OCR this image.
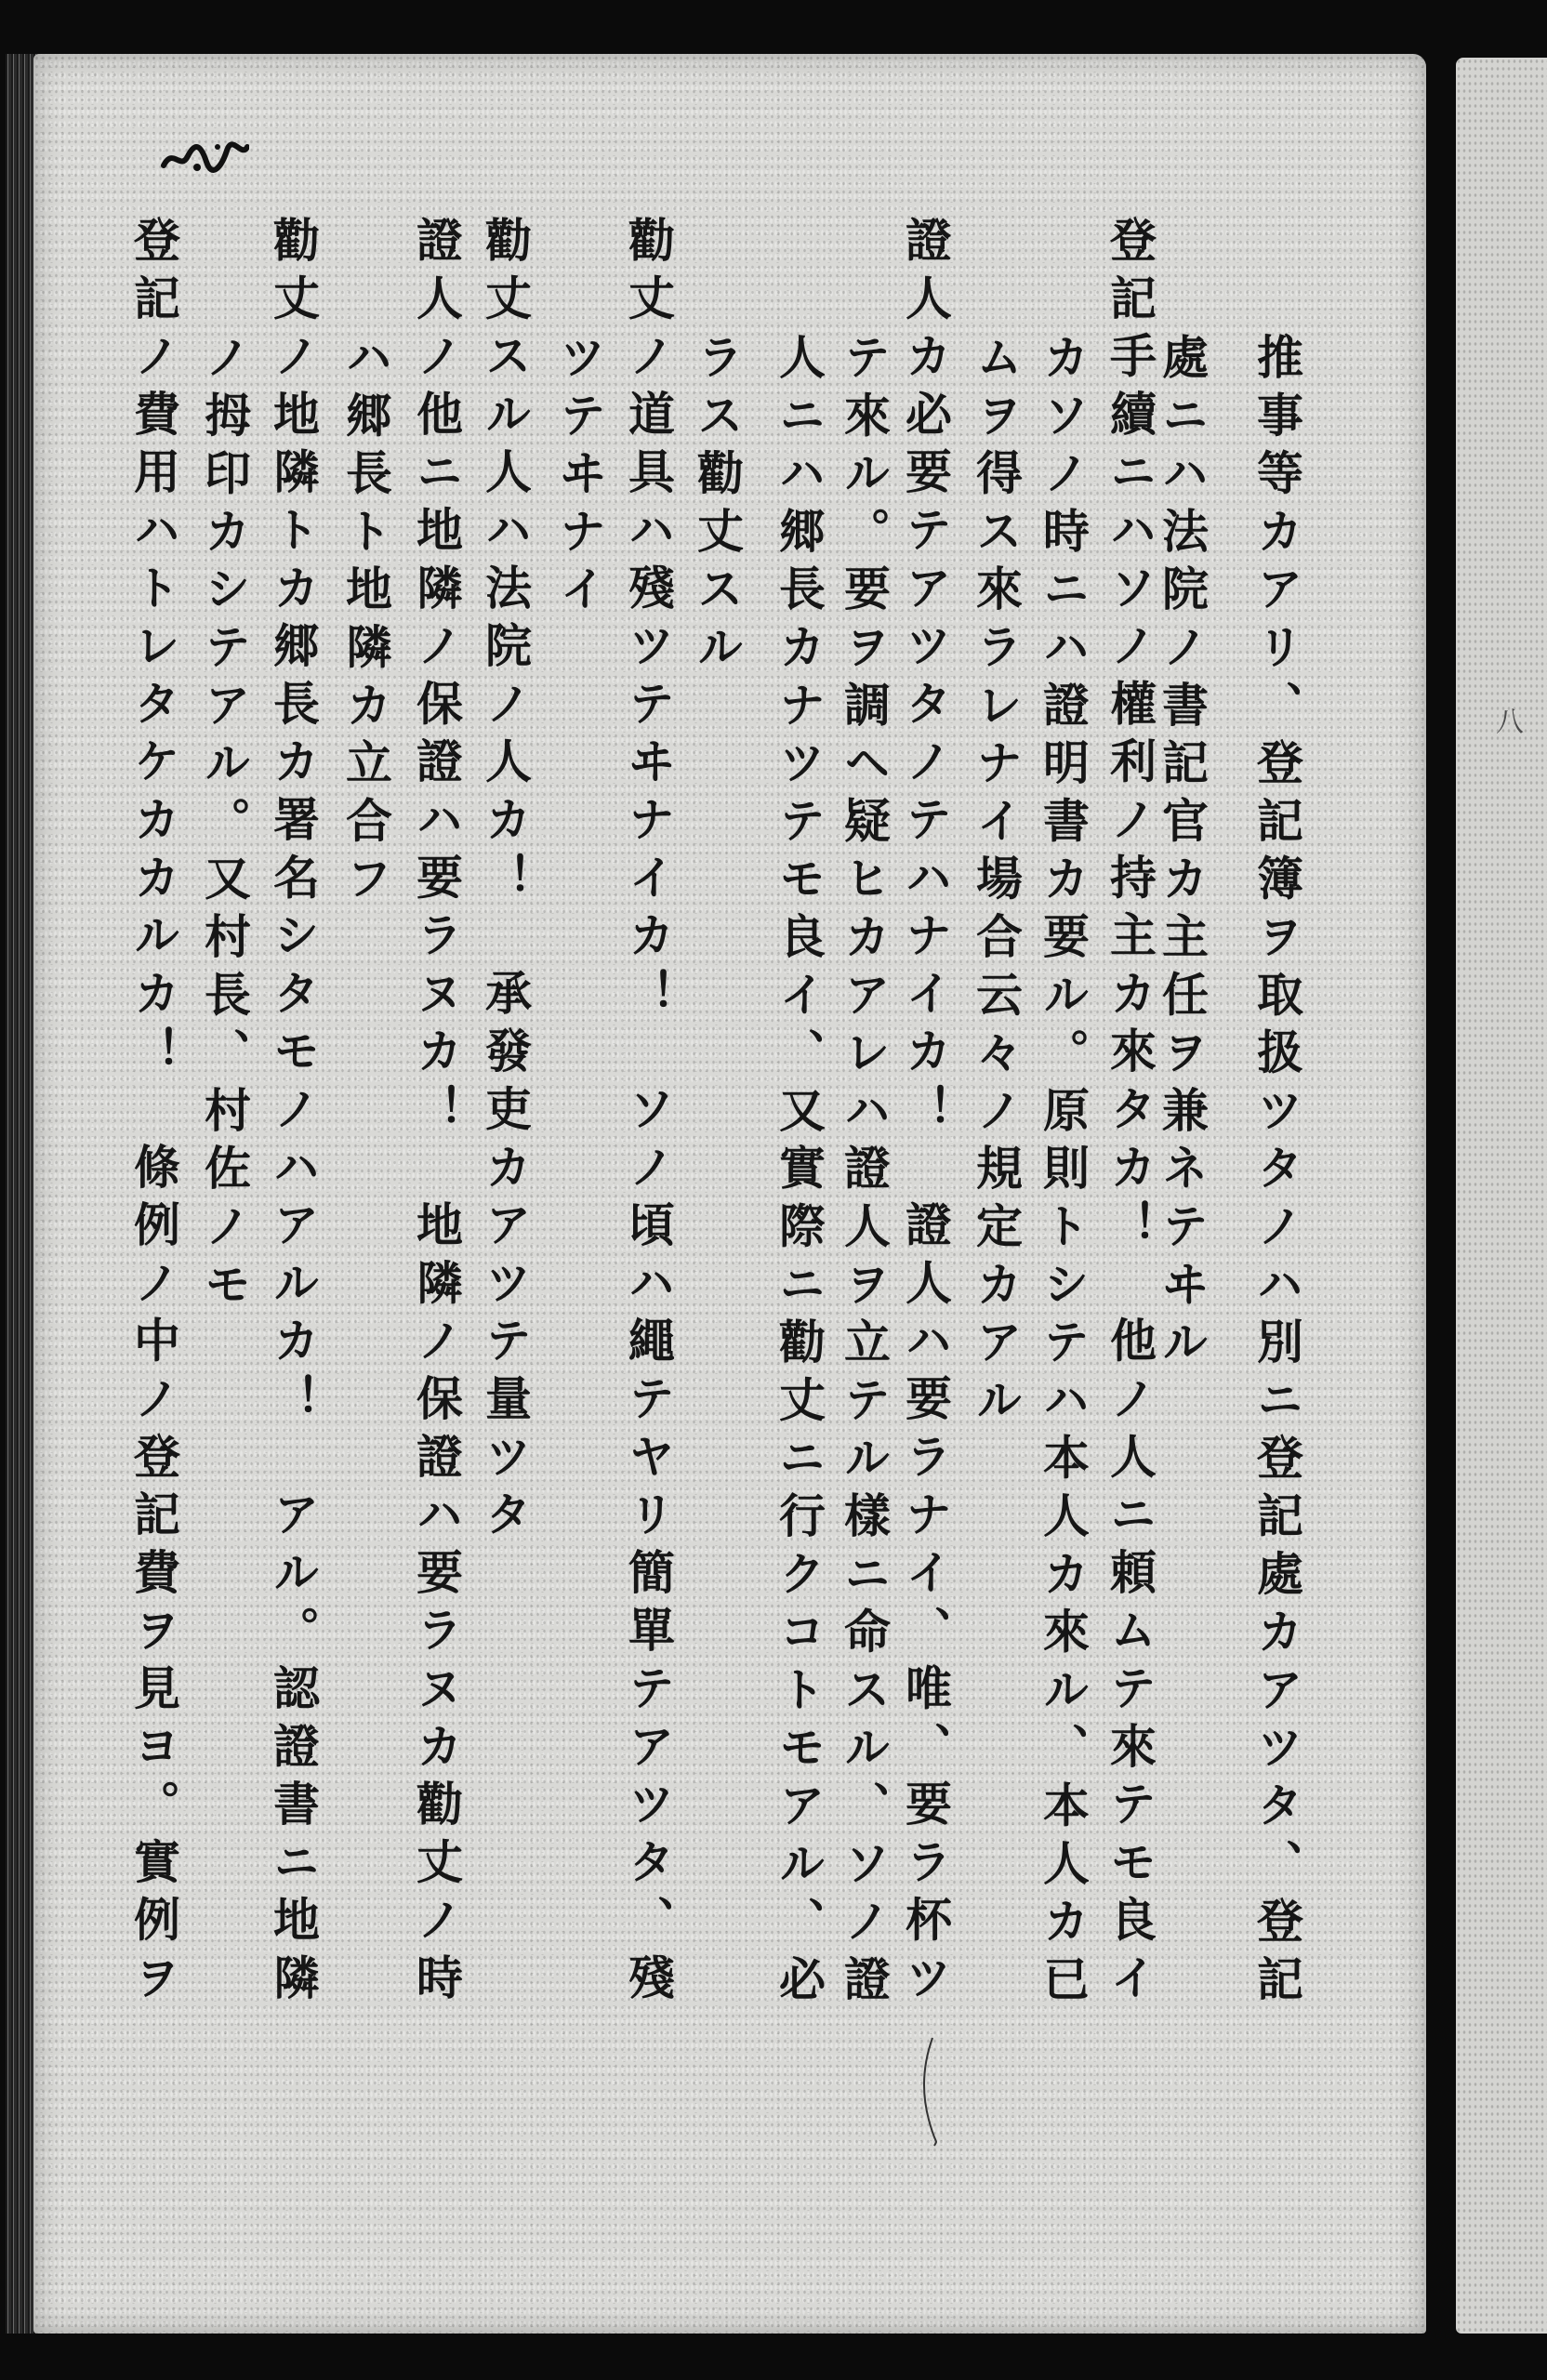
八
推事等カアリ、登記簿ヲ取扱ツタノハ別ニ登記處カアツタ、登記
處ニハ法院ノ書記官カ主任ヲ兼ネテヰル
登記手續ニハソノ權利ノ持主カ來タカ！　他ノ人ニ頼ムテ來テモ良イ
カソノ時ニハ證明書カ要ル。原則トシテハ本人カ來ル、本人カ已
ムヲ得ス來ラレナイ場合云々ノ規定カアル
證人カ必要テアツタノテハナイカ！　證人ハ要ラナイ、唯、要ラ杯ツ
テ來ル。要ヲ調ヘ疑ヒカアレハ證人ヲ立テル樣ニ命スル、ソノ證
人ニハ郷長カナツテモ良イ、又實際ニ勸丈ニ行クコトモアル、必
ラス勸丈スル
勸丈ノ道具ハ殘ツテヰナイカ！　ソノ頃ハ繩テヤリ簡單テアツタ、殘
ツテヰナイ
勸丈スル人ハ法院ノ人カ！　承發吏カアツテ量ツタ
證人ノ他ニ地隣ノ保證ハ要ラヌカ！　地隣ノ保證ハ要ラヌカ勸丈ノ時
ハ郷長ト地隣カ立合フ
勸丈ノ地隣トカ郷長カ署名シタモノハアルカ！　アル。認證書ニ地隣
ノ拇印カシテアル。又村長、村佐ノモ
登記ノ費用ハトレタケカカルカ！　條例ノ中ノ登記費ヲ見ヨ。實例ヲ
